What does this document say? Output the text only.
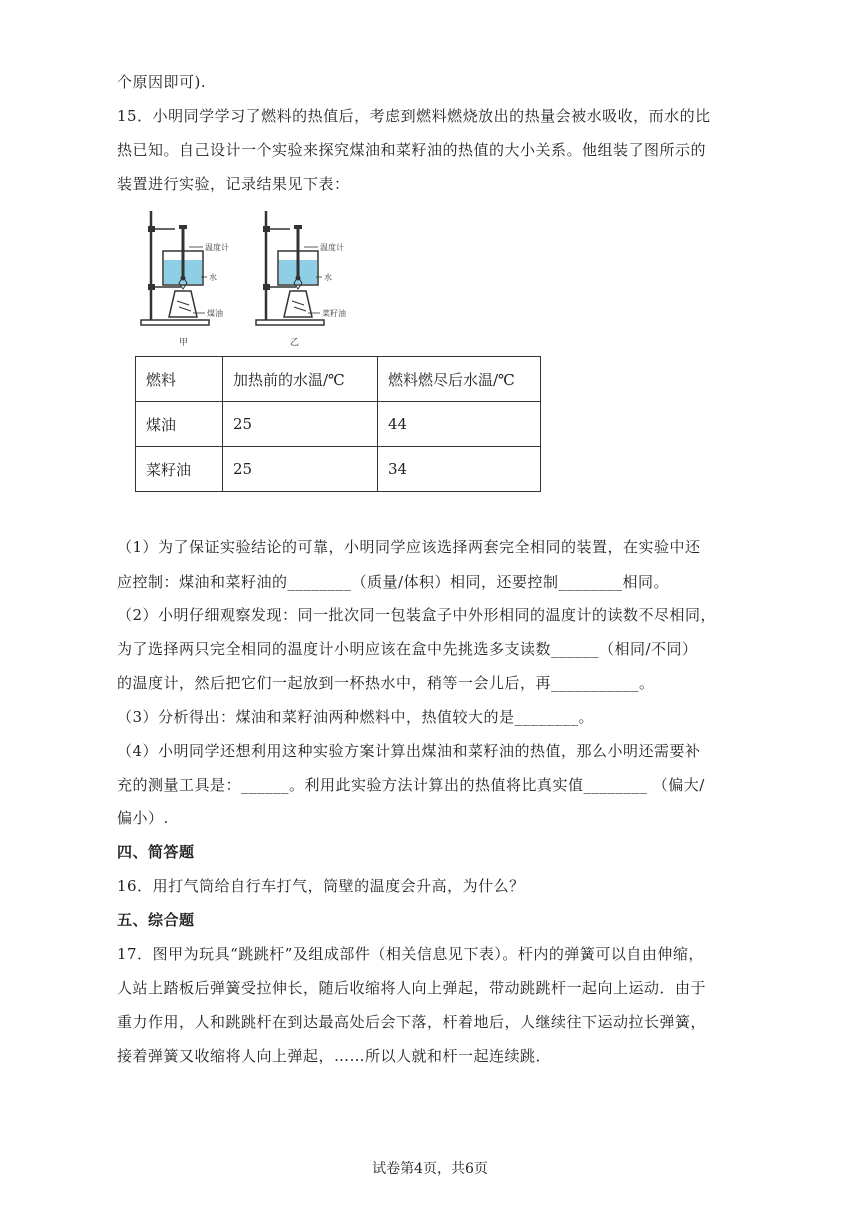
个原因即可).
15．小明同学学习了燃料的热值后，考虑到燃料燃烧放出的热量会被水吸收，而水的比
热已知。自己设计一个实验来探究煤油和菜籽油的热值的大小关系。他组装了图所示的
装置进行实验，记录结果见下表：
温度计
水
煤油
甲
温度计
水
菜籽油
乙
燃料	加热前的水温/℃	燃料燃尽后水温/℃
煤油	25	44
菜籽油	25	34
（1）为了保证实验结论的可靠，小明同学应该选择两套完全相同的装置，在实验中还
应控制：煤油和菜籽油的________（质量/体积）相同，还要控制________相同。
（2）小明仔细观察发现：同一批次同一包装盒子中外形相同的温度计的读数不尽相同，
为了选择两只完全相同的温度计小明应该在盒中先挑选多支读数______（相同/不同）
的温度计，然后把它们一起放到一杯热水中，稍等一会儿后，再___________。
（3）分析得出：煤油和菜籽油两种燃料中，热值较大的是________。
（4）小明同学还想利用这种实验方案计算出煤油和菜籽油的热值，那么小明还需要补
充的测量工具是：______。利用此实验方法计算出的热值将比真实值________ （偏大/
偏小）.
四、简答题
16．用打气筒给自行车打气，筒壁的温度会升高，为什么？
五、综合题
17．图甲为玩具“跳跳杆”及组成部件（相关信息见下表）。杆内的弹簧可以自由伸缩，
人站上踏板后弹簧受拉伸长，随后收缩将人向上弹起，带动跳跳杆一起向上运动．由于
重力作用，人和跳跳杆在到达最高处后会下落，杆着地后，人继续往下运动拉长弹簧，
接着弹簧又收缩将人向上弹起，……所以人就和杆一起连续跳．
试卷第4页，共6页
